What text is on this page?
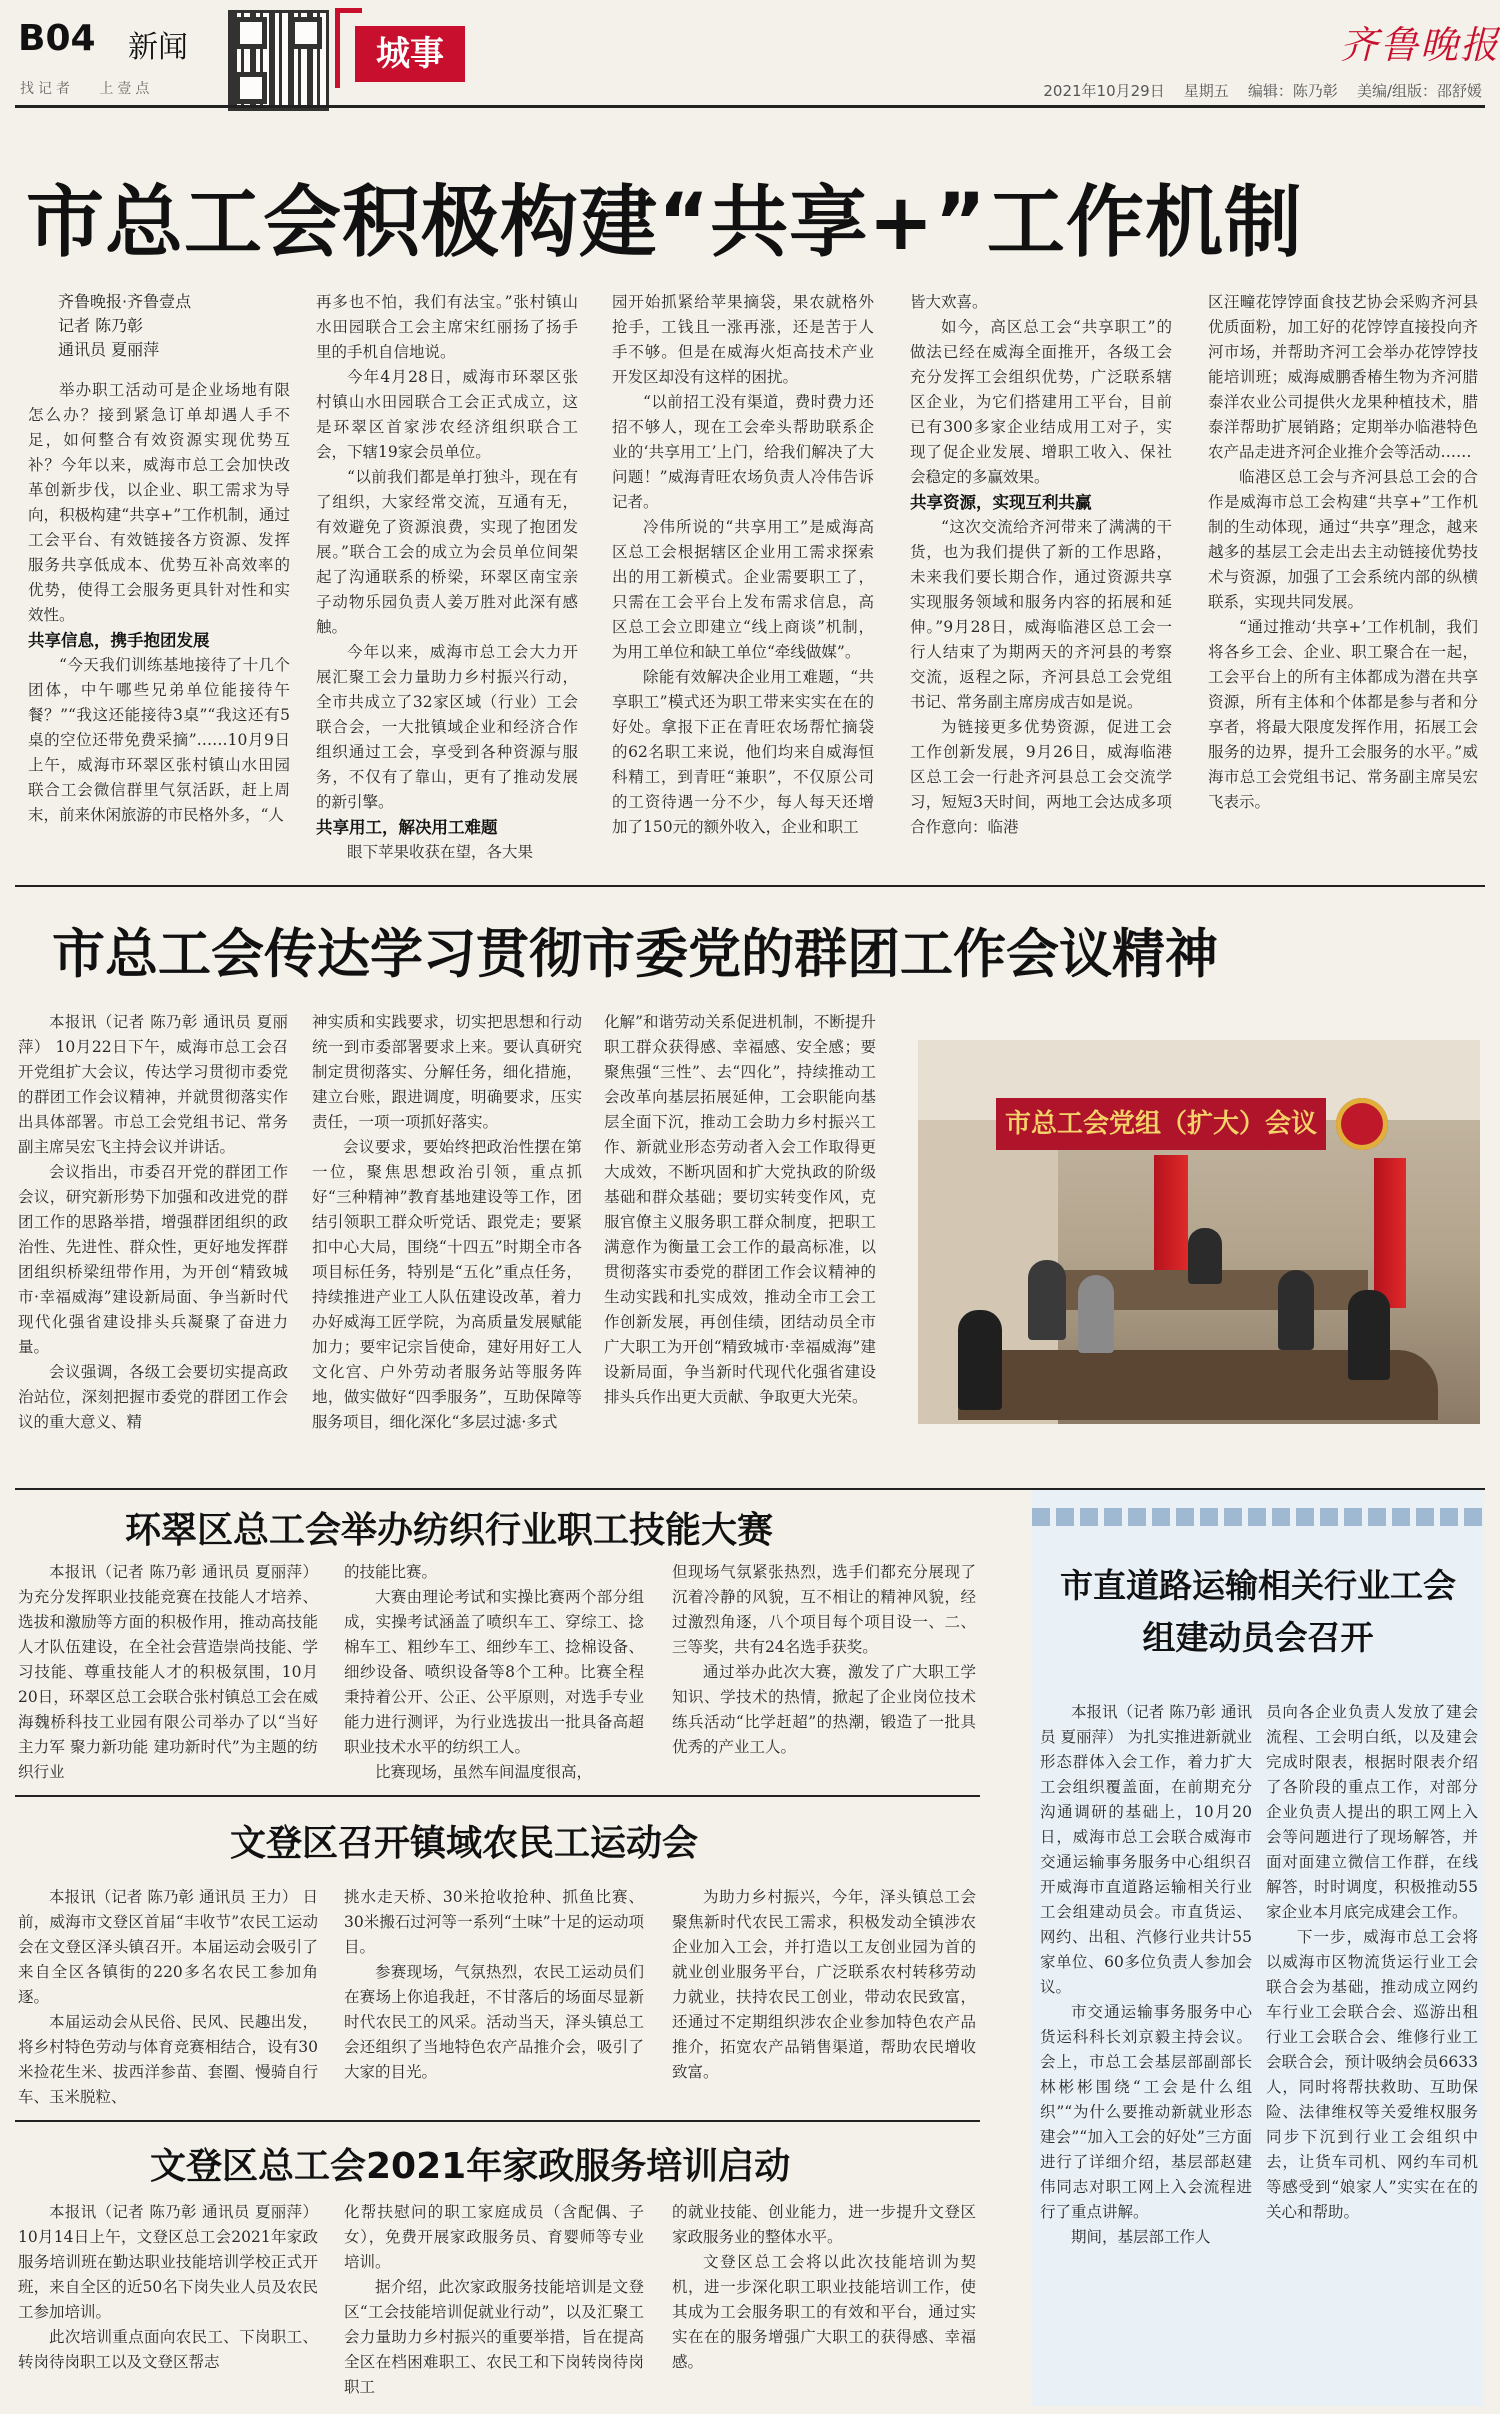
B04 新闻
找记者   上壹点
城事	齐鲁晚报
2021年10月29日    星期五    编辑：陈乃彰    美编/组版：邵舒媛
市总工会积极构建“共享+”工作机制
齐鲁晚报·齐鲁壹点
记者 陈乃彰
通讯员 夏丽萍

举办职工活动可是企业场地有限怎么办？接到紧急订单却遇人手不足，如何整合有效资源实现优势互补？今年以来，威海市总工会加快改革创新步伐，以企业、职工需求为导向，积极构建“共享+”工作机制，通过工会平台、有效链接各方资源、发挥服务共享低成本、优势互补高效率的优势，使得工会服务更具针对性和实效性。

共享信息，携手抱团发展

“今天我们训练基地接待了十几个团体，中午哪些兄弟单位能接待午餐？”“我这还能接待3桌”“我这还有5桌的空位还带免费采摘”……10月9日上午，威海市环翠区张村镇山水田园联合工会微信群里气氛活跃，赶上周末，前来休闲旅游的市民格外多，“人

再多也不怕，我们有法宝。”张村镇山水田园联合工会主席宋红丽扬了扬手里的手机自信地说。

今年4月28日，威海市环翠区张村镇山水田园联合工会正式成立，这是环翠区首家涉农经济组织联合工会，下辖19家会员单位。

“以前我们都是单打独斗，现在有了组织，大家经常交流，互通有无，有效避免了资源浪费，实现了抱团发展。”联合工会的成立为会员单位间架起了沟通联系的桥梁，环翠区南宝亲子动物乐园负责人姜万胜对此深有感触。

今年以来，威海市总工会大力开展汇聚工会力量助力乡村振兴行动，全市共成立了32家区域（行业）工会联合会，一大批镇域企业和经济合作组织通过工会，享受到各种资源与服务，不仅有了靠山，更有了推动发展的新引擎。

共享用工，解决用工难题

眼下苹果收获在望，各大果

园开始抓紧给苹果摘袋，果农就格外抢手，工钱且一涨再涨，还是苦于人手不够。但是在威海火炬高技术产业开发区却没有这样的困扰。

“以前招工没有渠道，费时费力还招不够人，现在工会牵头帮助联系企业的‘共享用工’上门，给我们解决了大问题！”威海青旺农场负责人冷伟告诉记者。

冷伟所说的“共享用工”是威海高区总工会根据辖区企业用工需求探索出的用工新模式。企业需要职工了，只需在工会平台上发布需求信息，高区总工会立即建立“线上商谈”机制，为用工单位和缺工单位“牵线做媒”。

除能有效解决企业用工难题，“共享职工”模式还为职工带来实实在在的好处。拿报下正在青旺农场帮忙摘袋的62名职工来说，他们均来自威海恒科精工，到青旺“兼职”，不仅原公司的工资待遇一分不少，每人每天还增加了150元的额外收入，企业和职工

皆大欢喜。

如今，高区总工会“共享职工”的做法已经在威海全面推开，各级工会充分发挥工会组织优势，广泛联系辖区企业，为它们搭建用工平台，目前已有300多家企业结成用工对子，实现了促企业发展、增职工收入、保社会稳定的多赢效果。

共享资源，实现互利共赢

“这次交流给齐河带来了满满的干货，也为我们提供了新的工作思路，未来我们要长期合作，通过资源共享实现服务领域和服务内容的拓展和延伸。”9月28日，威海临港区总工会一行人结束了为期两天的齐河县的考察交流，返程之际，齐河县总工会党组书记、常务副主席房成吉如是说。

为链接更多优势资源，促进工会工作创新发展，9月26日，威海临港区总工会一行赴齐河县总工会交流学习，短短3天时间，两地工会达成多项合作意向：临港

区汪疃花饽饽面食技艺协会采购齐河县优质面粉，加工好的花饽饽直接投向齐河市场，并帮助齐河工会举办花饽饽技能培训班；威海威鹏香椿生物为齐河腊泰洋农业公司提供火龙果种植技术，腊泰洋帮助扩展销路；定期举办临港特色农产品走进齐河企业推介会等活动……

临港区总工会与齐河县总工会的合作是威海市总工会构建“共享+”工作机制的生动体现，通过“共享”理念，越来越多的基层工会走出去主动链接优势技术与资源，加强了工会系统内部的纵横联系，实现共同发展。

“通过推动‘共享+’工作机制，我们将各乡工会、企业、职工聚合在一起，工会平台上的所有主体都成为潜在共享资源，所有主体和个体都是参与者和分享者，将最大限度发挥作用，拓展工会服务的边界，提升工会服务的水平。”威海市总工会党组书记、常务副主席吴宏飞表示。

市总工会传达学习贯彻市委党的群团工作会议精神

本报讯（记者 陈乃彰 通讯员 夏丽萍） 10月22日下午，威海市总工会召开党组扩大会议，传达学习贯彻市委党的群团工作会议精神，并就贯彻落实作出具体部署。市总工会党组书记、常务副主席吴宏飞主持会议并讲话。

会议指出，市委召开党的群团工作会议，研究新形势下加强和改进党的群团工作的思路举措，增强群团组织的政治性、先进性、群众性，更好地发挥群团组织桥梁纽带作用，为开创“精致城市·幸福威海”建设新局面、争当新时代现代化强省建设排头兵凝聚了奋进力量。

会议强调，各级工会要切实提高政治站位，深刻把握市委党的群团工作会议的重大意义、精

神实质和实践要求，切实把思想和行动统一到市委部署要求上来。要认真研究制定贯彻落实、分解任务，细化措施，建立台账，跟进调度，明确要求，压实责任，一项一项抓好落实。

会议要求，要始终把政治性摆在第一位，聚焦思想政治引领，重点抓好“三种精神”教育基地建设等工作，团结引领职工群众听党话、跟党走；要紧扣中心大局，围绕“十四五”时期全市各项目标任务，特别是“五化”重点任务，持续推进产业工人队伍建设改革，着力办好威海工匠学院，为高质量发展赋能加力；要牢记宗旨使命，建好用好工人文化宫、户外劳动者服务站等服务阵地，做实做好“四季服务”，互助保障等服务项目，细化深化“多层过滤·多式

化解”和谐劳动关系促进机制，不断提升职工群众获得感、幸福感、安全感；要聚焦强“三性”、去“四化”，持续推动工会改革向基层拓展延伸，工会职能向基层全面下沉，推动工会助力乡村振兴工作、新就业形态劳动者入会工作取得更大成效，不断巩固和扩大党执政的阶级基础和群众基础；要切实转变作风，克服官僚主义服务职工群众制度，把职工满意作为衡量工会工作的最高标准，以贯彻落实市委党的群团工作会议精神的生动实践和扎实成效，推动全市工会工作创新发展，再创佳绩，团结动员全市广大职工为开创“精致城市·幸福威海”建设新局面，争当新时代现代化强省建设排头兵作出更大贡献、争取更大光荣。

市总工会党组（扩大）会议
环翠区总工会举办纺织行业职工技能大赛

本报讯（记者 陈乃彰 通讯员 夏丽萍） 为充分发挥职业技能竞赛在技能人才培养、选拔和激励等方面的积极作用，推动高技能人才队伍建设，在全社会营造崇尚技能、学习技能、尊重技能人才的积极氛围，10月20日，环翠区总工会联合张村镇总工会在威海魏桥科技工业园有限公司举办了以“当好主力军 聚力新功能 建功新时代”为主题的纺织行业

的技能比赛。

大赛由理论考试和实操比赛两个部分组成，实操考试涵盖了喷织车工、穿综工、捻棉车工、粗纱车工、细纱车工、捻棉设备、细纱设备、喷织设备等8个工种。比赛全程秉持着公开、公正、公平原则，对选手专业能力进行测评，为行业选拔出一批具备高超职业技术水平的纺织工人。

比赛现场，虽然车间温度很高，

但现场气氛紧张热烈，选手们都充分展现了沉着冷静的风貌，互不相让的精神风貌，经过激烈角逐，八个项目每个项目设一、二、三等奖，共有24名选手获奖。

通过举办此次大赛，激发了广大职工学知识、学技术的热情，掀起了企业岗位技术练兵活动“比学赶超”的热潮，锻造了一批具优秀的产业工人。

文登区召开镇域农民工运动会

本报讯（记者 陈乃彰 通讯员 王力） 日前，威海市文登区首届“丰收节”农民工运动会在文登区泽头镇召开。本届运动会吸引了来自全区各镇街的220多名农民工参加角逐。

本届运动会从民俗、民风、民趣出发，将乡村特色劳动与体育竞赛相结合，设有30米捡花生米、拔西洋参苗、套圈、慢骑自行车、玉米脱粒、

挑水走天桥、30米抢收抢种、抓鱼比赛、30米搬石过河等一系列“土味”十足的运动项目。

参赛现场，气氛热烈，农民工运动员们在赛场上你追我赶，不甘落后的场面尽显新时代农民工的风采。活动当天，泽头镇总工会还组织了当地特色农产品推介会，吸引了大家的目光。

为助力乡村振兴，今年，泽头镇总工会聚焦新时代农民工需求，积极发动全镇涉农企业加入工会，并打造以工友创业园为首的就业创业服务平台，广泛联系农村转移劳动力就业，扶持农民工创业，带动农民致富，还通过不定期组织涉农企业参加特色农产品推介，拓宽农产品销售渠道，帮助农民增收致富。

文登区总工会2021年家政服务培训启动

本报讯（记者 陈乃彰 通讯员 夏丽萍） 10月14日上午，文登区总工会2021年家政服务培训班在勤达职业技能培训学校正式开班，来自全区的近50名下岗失业人员及农民工参加培训。

此次培训重点面向农民工、下岗职工、转岗待岗职工以及文登区帮志

化帮扶慰问的职工家庭成员（含配偶、子女），免费开展家政服务员、育婴师等专业培训。

据介绍，此次家政服务技能培训是文登区“工会技能培训促就业行动”，以及汇聚工会力量助力乡村振兴的重要举措，旨在提高全区在档困难职工、农民工和下岗转岗待岗职工

的就业技能、创业能力，进一步提升文登区家政服务业的整体水平。

文登区总工会将以此次技能培训为契机，进一步深化职工职业技能培训工作，使其成为工会服务职工的有效和平台，通过实实在在的服务增强广大职工的获得感、幸福感。

市直道路运输相关行业工会
组建动员会召开

本报讯（记者 陈乃彰 通讯员 夏丽萍） 为扎实推进新就业形态群体入会工作，着力扩大工会组织覆盖面，在前期充分沟通调研的基础上，10月20日，威海市总工会联合威海市交通运输事务服务中心组织召开威海市直道路运输相关行业工会组建动员会。市直货运、网约、出租、汽修行业共计55家单位、60多位负责人参加会议。

市交通运输事务服务中心货运科科长刘京毅主持会议。会上，市总工会基层部副部长林彬彬围绕“工会是什么组织”“为什么要推动新就业形态建会”“加入工会的好处”三方面进行了详细介绍，基层部赵建伟同志对职工网上入会流程进行了重点讲解。

期间，基层部工作人

员向各企业负责人发放了建会流程、工会明白纸，以及建会完成时限表，根据时限表介绍了各阶段的重点工作，对部分企业负责人提出的职工网上入会等问题进行了现场解答，并面对面建立微信工作群，在线解答，时时调度，积极推动55家企业本月底完成建会工作。

下一步，威海市总工会将以威海市区物流货运行业工会联合会为基础，推动成立网约车行业工会联合会、巡游出租行业工会联合会、维修行业工会联合会，预计吸纳会员6633人，同时将帮扶救助、互助保险、法律维权等关爱维权服务同步下沉到行业工会组织中去，让货车司机、网约车司机等感受到“娘家人”实实在在的关心和帮助。
